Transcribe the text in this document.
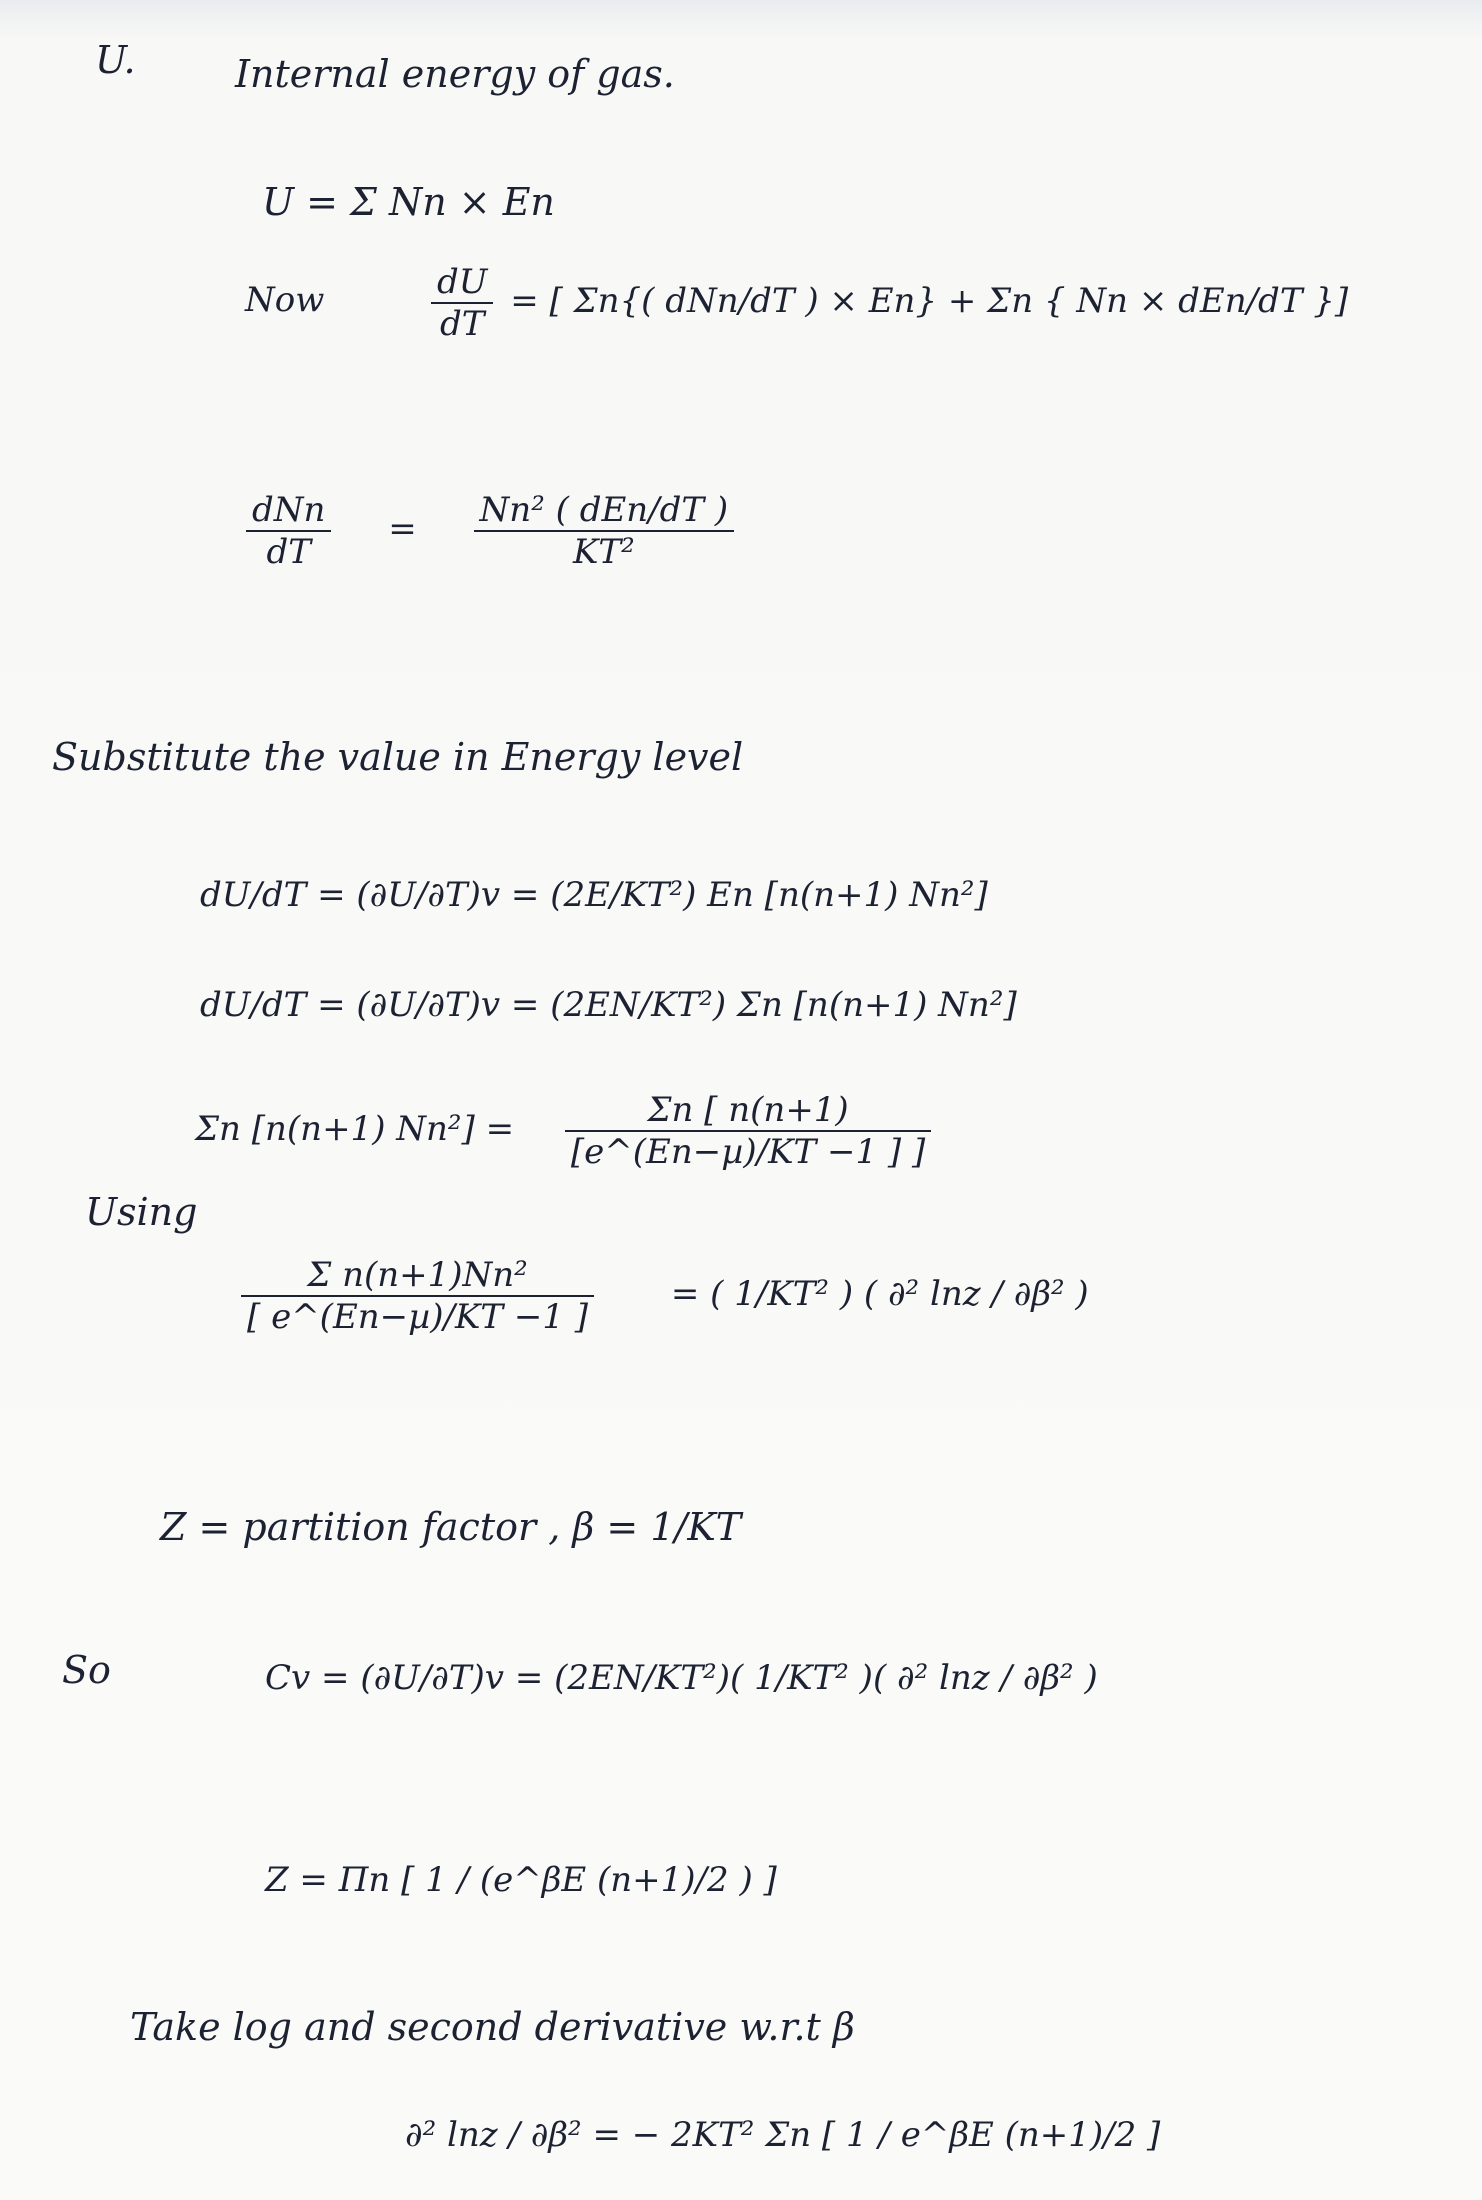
U.	Internal energy of gas.
U = Σ Nn × En
Now	$\frac{dU}{dT}$ = [ Σn{( dNn/dT ) × En} + Σn { Nn × dEn/dT }]
$\frac{\text{dNn}}{dT} = \frac{\text{Nn² ( dEn/dT )}}{\text{KT²}}$
Substitute the value in Energy level
dU/dT = (∂U/∂T)v = (2E/KT²) En [n(n+1) Nn²]
dU/dT = (∂U/∂T)v = (2EN/KT²) Σn [n(n+1) Nn²]
Σn [n(n+1) $Nn^2] = \frac{\Sigma n [ n(n+1)}{\text{[e\textasciicircum{}(En−µ)/KT −1 ] ]}}$
Using
$\frac{\text{Σ n(n+1)Nn²}}{\text{[ e\textasciicircum{}(En−µ)/KT −1 ]}}$ = ( 1/KT² ) ( ∂² lnz / ∂β² )
Z = partition factor , β = 1/KT
So	Cv = (∂U/∂T)v = (2EN/KT²)( 1/KT² )( ∂² lnz / ∂β² )
Z = Πn [ 1 / (e^βE (n+1)/2 ) ]
Take log and second derivative w.r.t β
∂² lnz / ∂β² = − 2KT² Σn [ 1 / e^βE (n+1)/2 ]
